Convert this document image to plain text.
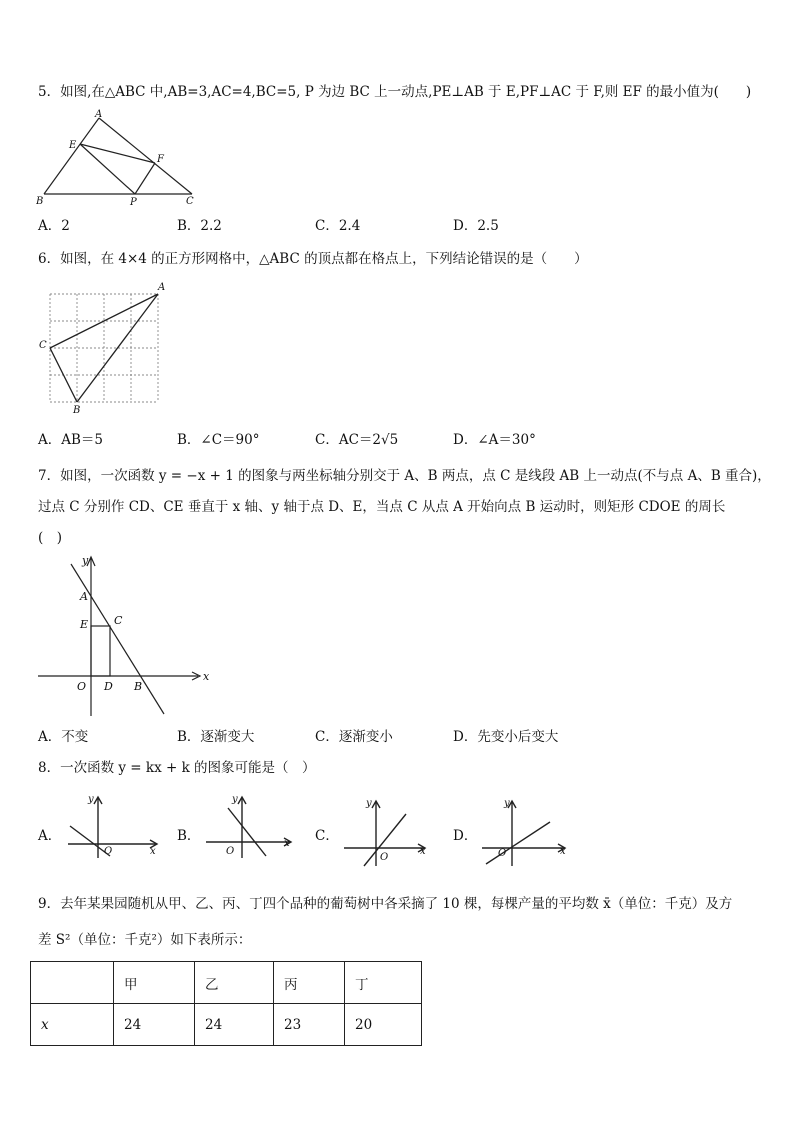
5．如图,在△ABC 中,AB=3,AC=4,BC=5, P 为边 BC 上一动点,PE⊥AB 于 E,PF⊥AC 于 F,则 EF 的最小值为(　　)
A
B	C
E
F
P
A．2	B．2.2	C．2.4	D．2.5
6．如图，在 4×4 的正方形网格中，△ABC 的顶点都在格点上，下列结论错误的是（　　）
A
C
B
A．AB＝5	B．∠C＝90°	C．AC＝2√5	D．∠A＝30°
7．如图，一次函数 y = −x + 1 的图象与两坐标轴分别交于 A、B 两点，点 C 是线段 AB 上一动点(不与点 A、B 重合)，
过点 C 分别作 CD、CE 垂直于 x 轴、y 轴于点 D、E，当点 C 从点 A 开始向点 B 运动时，则矩形 CDOE 的周长
(　)
y
x
A
C
E
O D B
A．不变	B．逐渐变大	C．逐渐变小	D．先变小后变大
8．一次函数 y = kx + k 的图象可能是（　）
A．
y
x
O
B．
y
x
O
C．
y
x
O
D．
y
x
O
9．去年某果园随机从甲、乙、丙、丁四个品种的葡萄树中各采摘了 10 棵，每棵产量的平均数 x̄（单位：千克）及方
差 S²（单位：千克²）如下表所示：
	甲	乙	丙	丁
x	24	24	23	20
